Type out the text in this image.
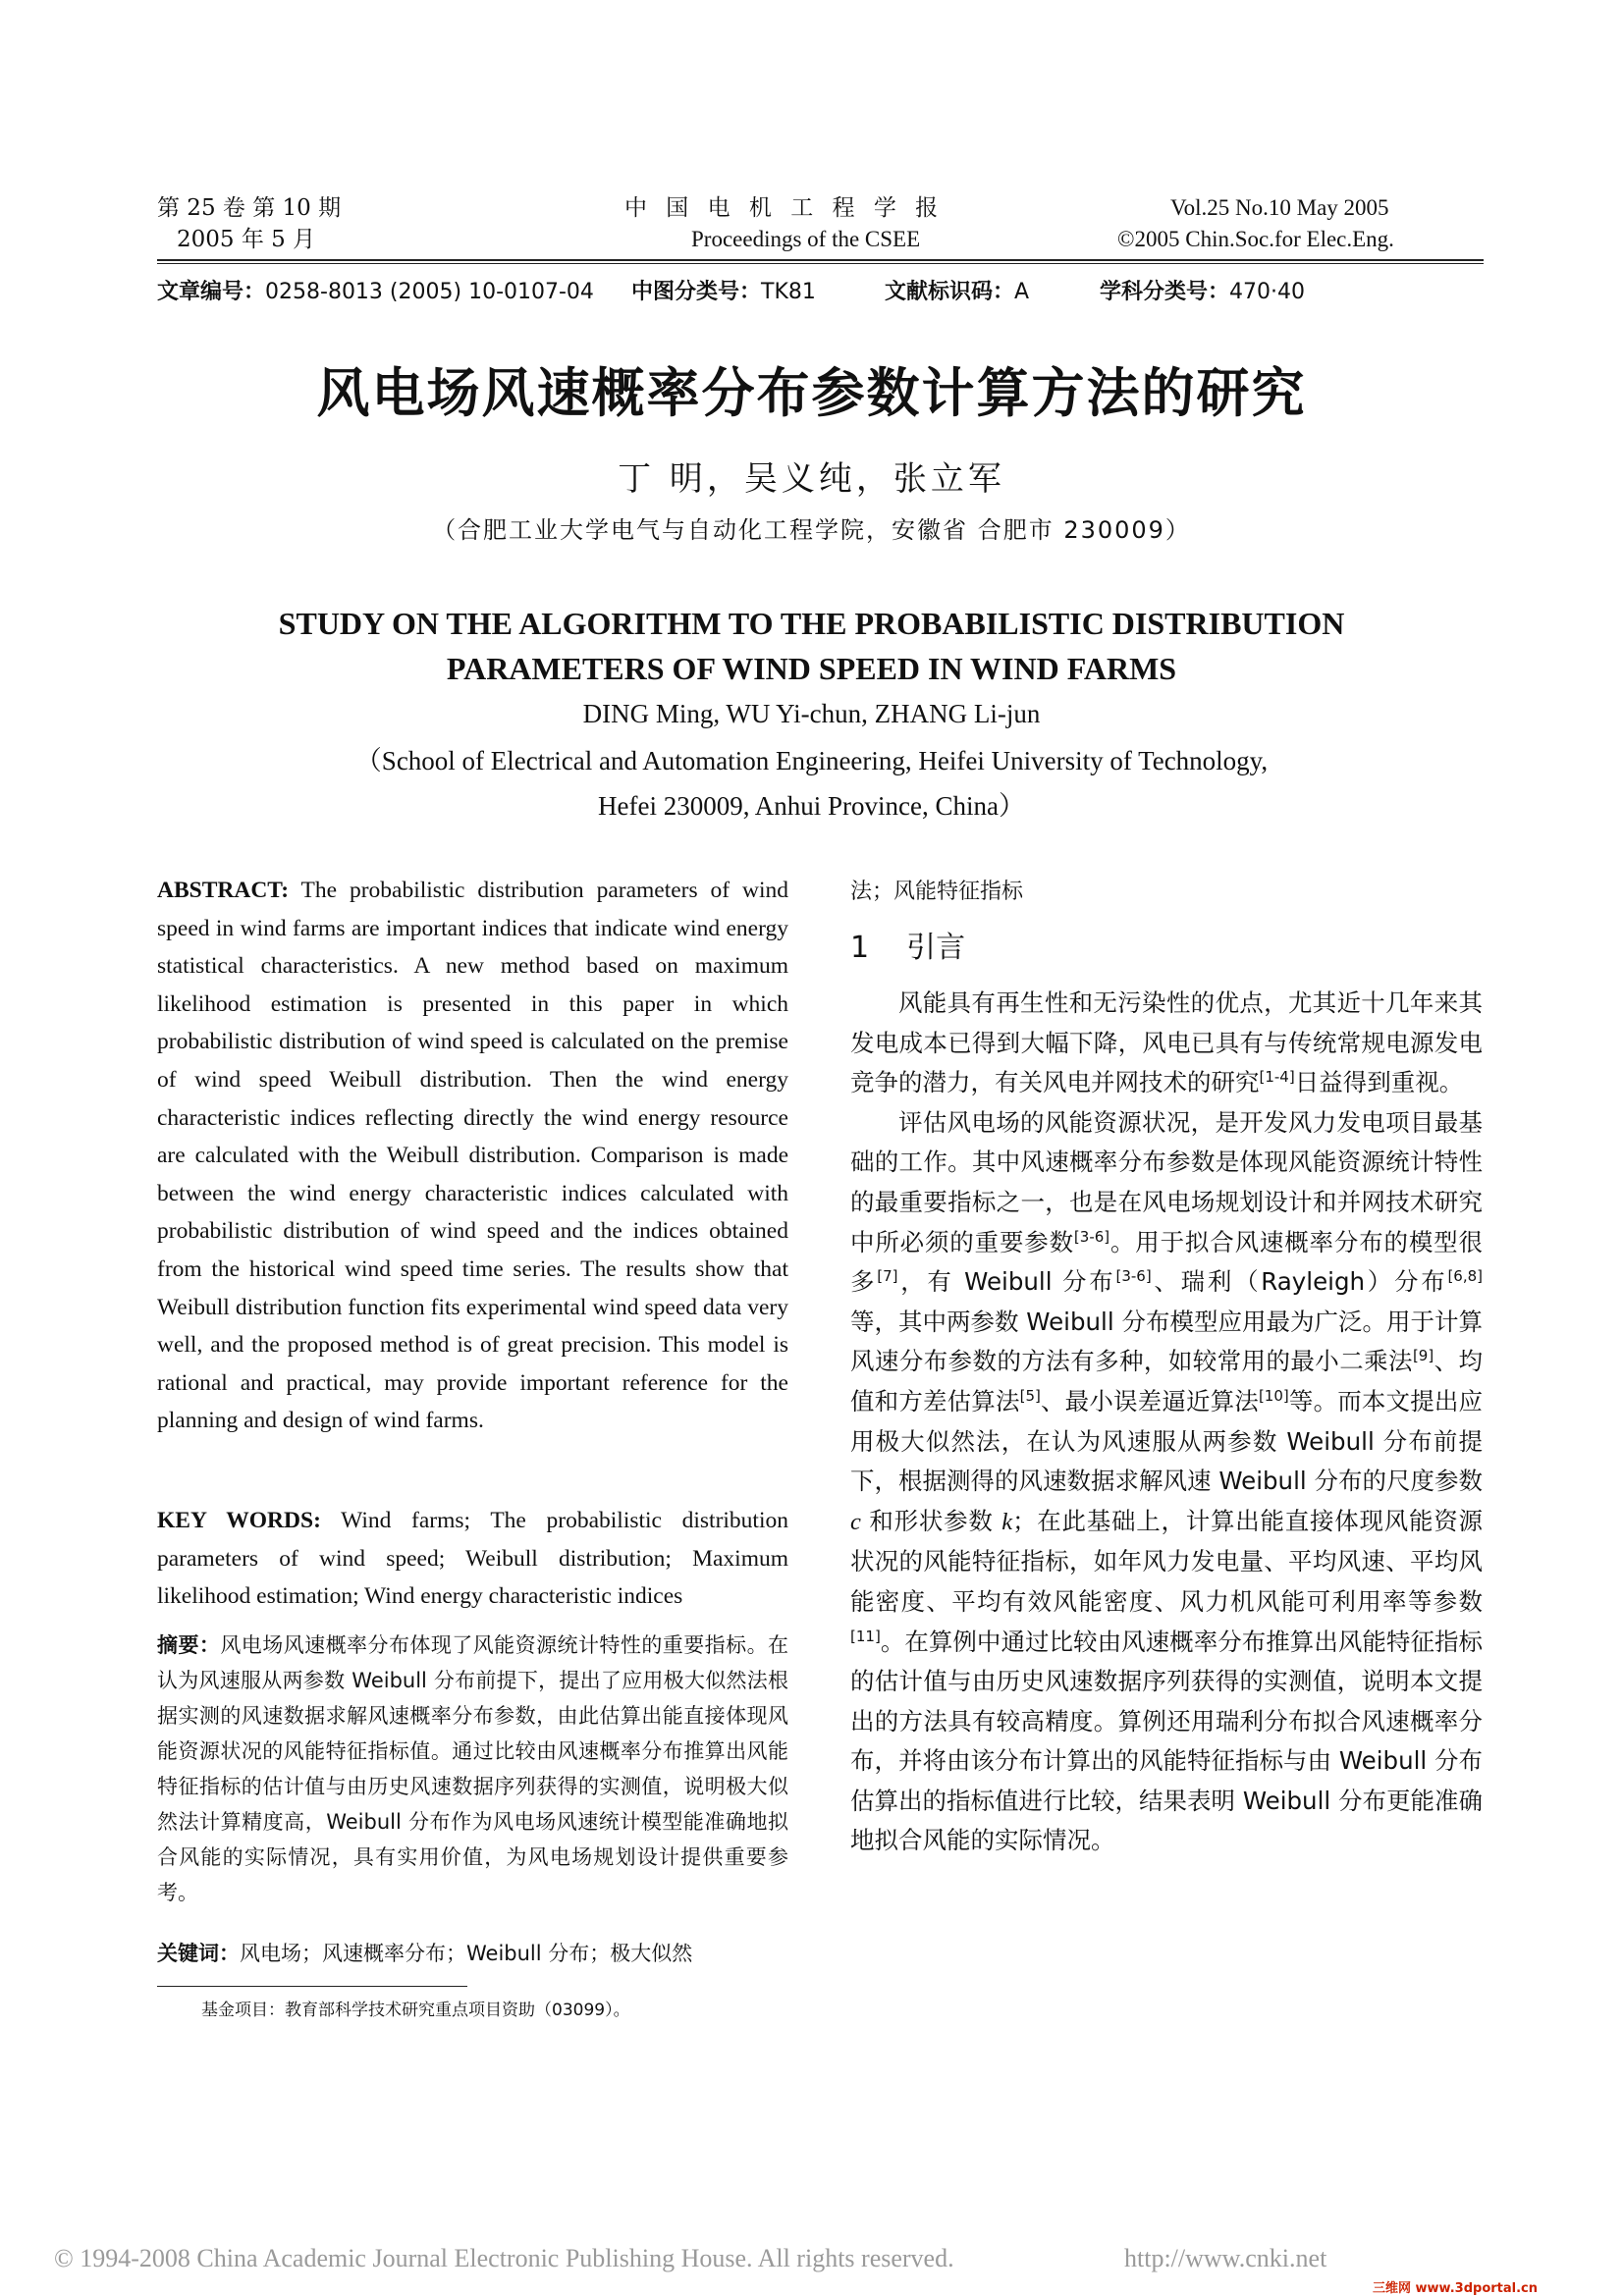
第 25 卷 第 10 期
2005 年 5 月
中 国 电 机 工 程 学 报
Proceedings of the CSEE
Vol.25 No.10 May 2005
©2005 Chin.Soc.for Elec.Eng.
文章编号：0258-8013 (2005) 10-0107-04 中图分类号：TK81	文献标识码：A	学科分类号：470·40
风电场风速概率分布参数计算方法的研究
丁 明，吴义纯，张立军
（合肥工业大学电气与自动化工程学院，安徽省 合肥市 230009）
STUDY ON THE ALGORITHM TO THE PROBABILISTIC DISTRIBUTION
PARAMETERS OF WIND SPEED IN WIND FARMS
DING Ming, WU Yi-chun, ZHANG Li-jun
（School of Electrical and Automation Engineering, Heifei University of Technology,
Hefei 230009, Anhui Province, China）
ABSTRACT: The probabilistic distribution parameters of wind speed in wind farms are important indices that indicate wind energy statistical characteristics. A new method based on maximum likelihood estimation is presented in this paper in which probabilistic distribution of wind speed is calculated on the premise of wind speed Weibull distribution. Then the wind energy characteristic indices reflecting directly the wind energy resource are calculated with the Weibull distribution. Comparison is made between the wind energy characteristic indices calculated with probabilistic distribution of wind speed and the indices obtained from the historical wind speed time series. The results show that Weibull distribution function fits experimental wind speed data very well, and the proposed method is of great precision. This model is rational and practical, may provide important reference for the planning and design of wind farms.
KEY WORDS: Wind farms; The probabilistic distribution parameters of wind speed; Weibull distribution; Maximum likelihood estimation; Wind energy characteristic indices
摘要：风电场风速概率分布体现了风能资源统计特性的重要指标。在认为风速服从两参数 Weibull 分布前提下，提出了应用极大似然法根据实测的风速数据求解风速概率分布参数，由此估算出能直接体现风能资源状况的风能特征指标值。通过比较由风速概率分布推算出风能特征指标的估计值与由历史风速数据序列获得的实测值，说明极大似然法计算精度高，Weibull 分布作为风电场风速统计模型能准确地拟合风能的实际情况，具有实用价值，为风电场规划设计提供重要参考。
关键词：风电场；风速概率分布；Weibull 分布；极大似然
基金项目：教育部科学技术研究重点项目资助（03099）。
法；风能特征指标
1 引言

风能具有再生性和无污染性的优点，尤其近十几年来其发电成本已得到大幅下降，风电已具有与传统常规电源发电竞争的潜力，有关风电并网技术的研究[1-4]日益得到重视。

评估风电场的风能资源状况，是开发风力发电项目最基础的工作。其中风速概率分布参数是体现风能资源统计特性的最重要指标之一，也是在风电场规划设计和并网技术研究中所必须的重要参数[3-6]。用于拟合风速概率分布的模型很多[7]，有 Weibull 分布[3-6]、瑞利（Rayleigh）分布[6,8]等，其中两参数 Weibull 分布模型应用最为广泛。用于计算风速分布参数的方法有多种，如较常用的最小二乘法[9]、均值和方差估算法[5]、最小误差逼近算法[10]等。而本文提出应用极大似然法，在认为风速服从两参数 Weibull 分布前提下，根据测得的风速数据求解风速 Weibull 分布的尺度参数 c 和形状参数 k；在此基础上，计算出能直接体现风能资源状况的风能特征指标，如年风力发电量、平均风速、平均风能密度、平均有效风能密度、风力机风能可利用率等参数[11]。在算例中通过比较由风速概率分布推算出风能特征指标的估计值与由历史风速数据序列获得的实测值，说明本文提出的方法具有较高精度。算例还用瑞利分布拟合风速概率分布，并将由该分布计算出的风能特征指标与由 Weibull 分布估算出的指标值进行比较，结果表明 Weibull 分布更能准确地拟合风能的实际情况。

© 1994-2008 China Academic Journal Electronic Publishing House. All rights reserved.	http://www.cnki.net
三维网 www.3dportal.cn
